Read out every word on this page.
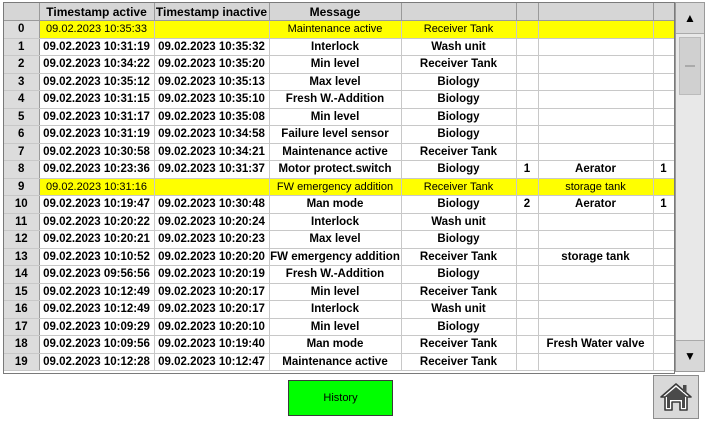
	Timestamp active	Timestamp inactive	Message				
0	09.02.2023 10:35:33		Maintenance active	Receiver Tank			
1	09.02.2023 10:31:19	09.02.2023 10:35:32	Interlock	Wash unit			
2	09.02.2023 10:34:22	09.02.2023 10:35:20	Min level	Receiver Tank			
3	09.02.2023 10:35:12	09.02.2023 10:35:13	Max level	Biology			
4	09.02.2023 10:31:15	09.02.2023 10:35:10	Fresh W.-Addition	Biology			
5	09.02.2023 10:31:17	09.02.2023 10:35:08	Min level	Biology			
6	09.02.2023 10:31:19	09.02.2023 10:34:58	Failure level sensor	Biology			
7	09.02.2023 10:30:58	09.02.2023 10:34:21	Maintenance active	Receiver Tank			
8	09.02.2023 10:23:36	09.02.2023 10:31:37	Motor protect.switch	Biology	1	Aerator	1
9	09.02.2023 10:31:16		FW emergency addition	Receiver Tank		storage tank	
10	09.02.2023 10:19:47	09.02.2023 10:30:48	Man mode	Biology	2	Aerator	1
11	09.02.2023 10:20:22	09.02.2023 10:20:24	Interlock	Wash unit			
12	09.02.2023 10:20:21	09.02.2023 10:20:23	Max level	Biology			
13	09.02.2023 10:10:52	09.02.2023 10:20:20	FW emergency addition	Receiver Tank		storage tank	
14	09.02.2023 09:56:56	09.02.2023 10:20:19	Fresh W.-Addition	Biology			
15	09.02.2023 10:12:49	09.02.2023 10:20:17	Min level	Receiver Tank			
16	09.02.2023 10:12:49	09.02.2023 10:20:17	Interlock	Wash unit			
17	09.02.2023 10:09:29	09.02.2023 10:20:10	Min level	Biology			
18	09.02.2023 10:09:56	09.02.2023 10:19:40	Man mode	Receiver Tank		Fresh Water valve	
19	09.02.2023 10:12:28	09.02.2023 10:12:47	Maintenance active	Receiver Tank			
▲
▼
History
